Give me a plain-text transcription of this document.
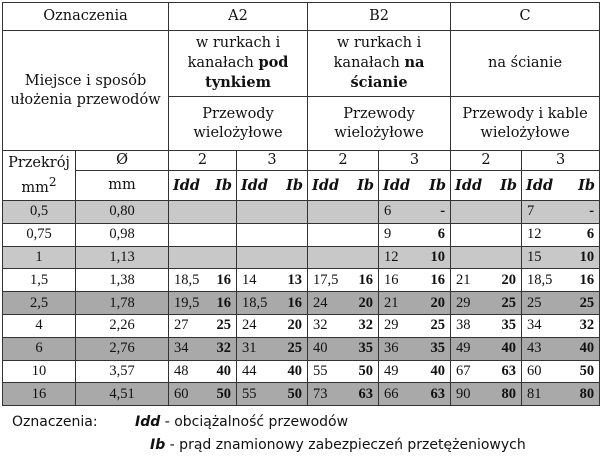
Oznaczenia		A2		B2		C	
Miejsce i sposób ułożenia przewodów		w rurkach i kanałach pod tynkiem		w rurkach i kanałach na ścianie		na ścianie	
		Przewody wielożyłowe		Przewody wielożyłowe		Przewody i kable wielożyłowe	
Przekrój
$mm^2$	Ø	2	3	2	3	2	3
	mm	Idd Ib	Idd Ib	Idd Ib	Idd Ib	Idd Ib	Idd Ib

0,5	0,80				6 -		7 -

0,75	0,98				9 6		12 6

1	1,13				12 10		15 10

1,5	1,38	18,5 16	14 13	17,5 16	16 16	21 20	18,5 16

2,5	1,78	19,5 16	18,5 16	24 20	21 20	29 25	25 25

4	2,26	27 25	24 20	32 32	29 25	38 35	34 32

6	2,76	34 32	31 25	40 35	36 35	49 40	43 40

10	3,57	48 40	44 40	55 50	49 40	67 63	60 50

16	4,51	60 50	55 50	73 63	66 63	90 80	81 80
Oznaczenia:	Idd - obciążalność przewodów
Ib - prąd znamionowy zabezpieczeń przetężeniowych
